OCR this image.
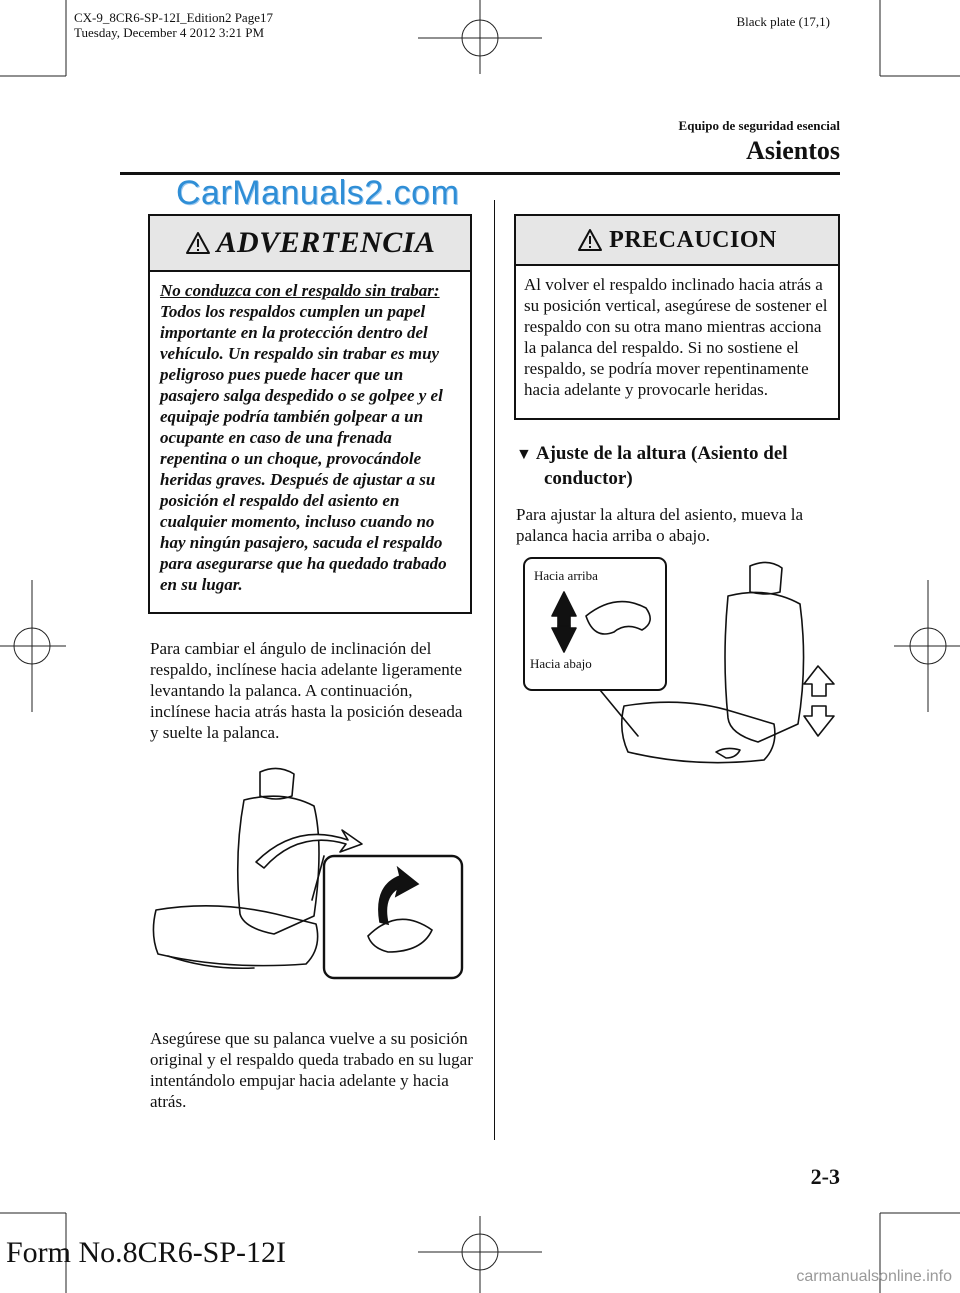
CX-9_8CR6-SP-12I_Edition2 Page17
Tuesday, December 4 2012 3:21 PM
Black plate (17,1)
Equipo de seguridad esencial
Asientos
CarManuals2.com
ADVERTENCIA
No conduzca con el respaldo sin trabar:
Todos los respaldos cumplen un papel importante en la protección dentro del vehículo. Un respaldo sin trabar es muy peligroso pues puede hacer que un pasajero salga despedido o se golpee y el equipaje podría también golpear a un ocupante en caso de una frenada repentina o un choque, provocándole heridas graves. Después de ajustar a su posición el respaldo del asiento en cualquier momento, incluso cuando no hay ningún pasajero, sacuda el respaldo para asegurarse que ha quedado trabado en su lugar.
Para cambiar el ángulo de inclinación del respaldo, inclínese hacia adelante ligeramente levantando la palanca. A continuación, inclínese hacia atrás hasta la posición deseada y suelte la palanca.
Asegúrese que su palanca vuelve a su posición original y el respaldo queda trabado en su lugar intentándolo empujar hacia adelante y hacia atrás.
PRECAUCION
Al volver el respaldo inclinado hacia atrás a su posición vertical, asegúrese de sostener el respaldo con su otra mano mientras acciona la palanca del respaldo. Si no sostiene el respaldo, se podría mover repentinamente hacia adelante y provocarle heridas.
▼ Ajuste de la altura (Asiento del
conductor)
Para ajustar la altura del asiento, mueva la palanca hacia arriba o abajo.
Hacia arriba
Hacia abajo
2-3
Form No.8CR6-SP-12I
carmanualsonline.info
